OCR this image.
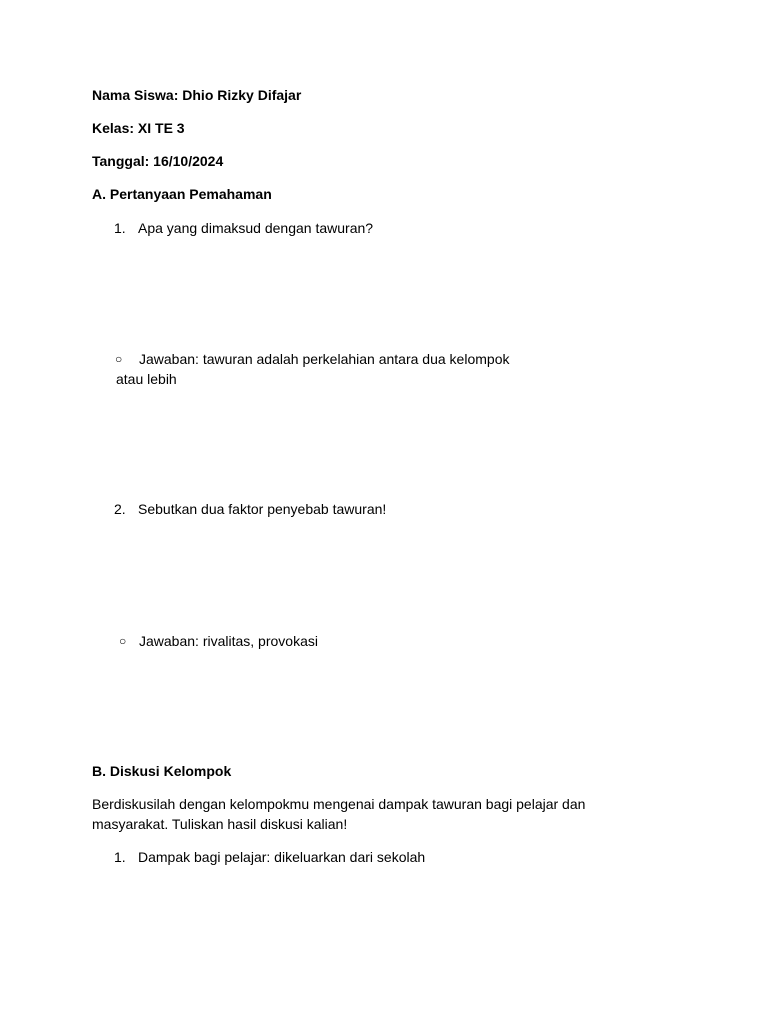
Nama Siswa: Dhio Rizky Difajar
Kelas: XI TE 3
Tanggal: 16/10/2024
A. Pertanyaan Pemahaman
1. Apa yang dimaksud dengan tawuran?
○ Jawaban: tawuran adalah perkelahian antara dua kelompok
atau lebih
2. Sebutkan dua faktor penyebab tawuran!
○ Jawaban: rivalitas, provokasi
B. Diskusi Kelompok
Berdiskusilah dengan kelompokmu mengenai dampak tawuran bagi pelajar dan
masyarakat. Tuliskan hasil diskusi kalian!
1. Dampak bagi pelajar: dikeluarkan dari sekolah
